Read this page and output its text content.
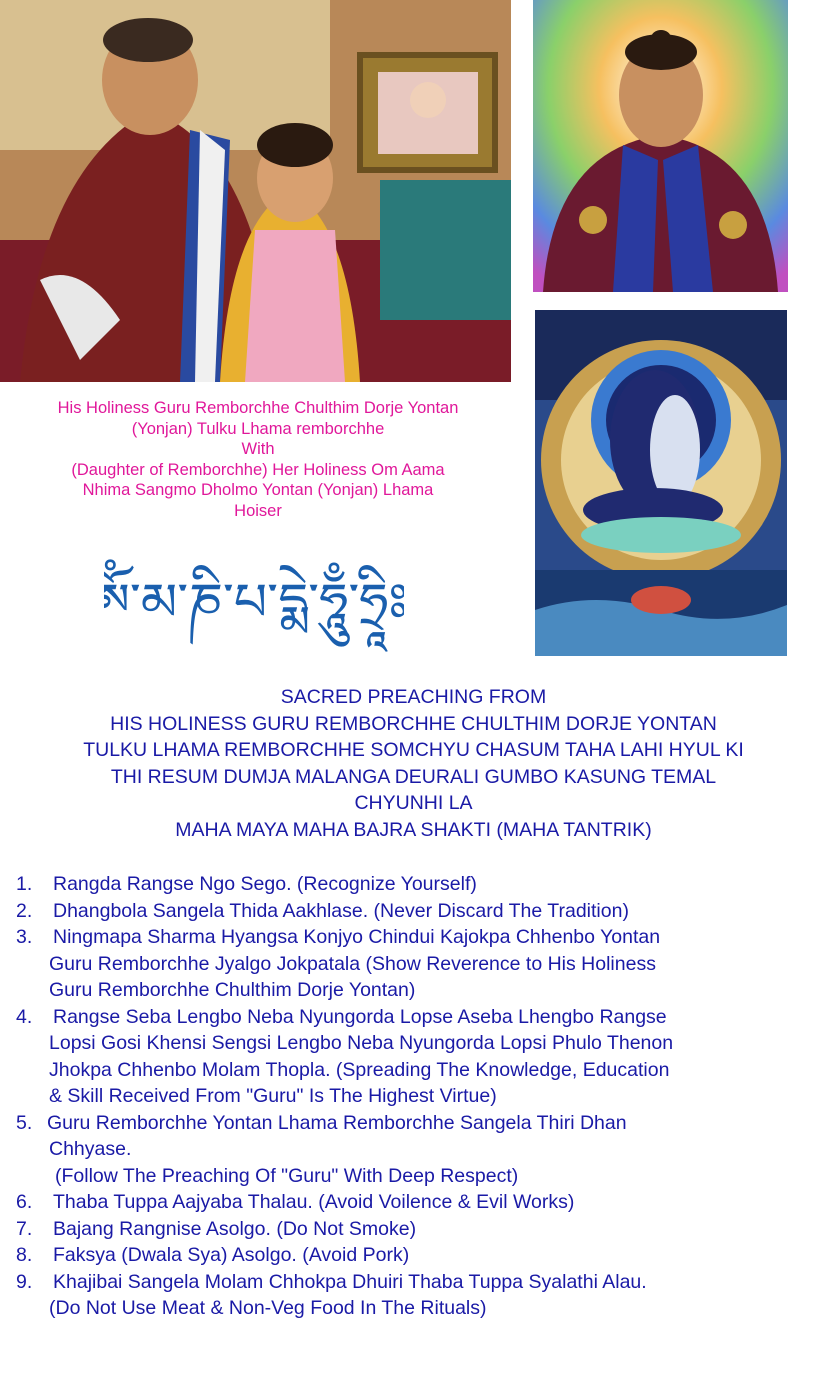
His Holiness Guru Remborchhe Chulthim Dorje Yontan
(Yonjan) Tulku Lhama remborchhe
With
(Daughter of Remborchhe) Her Holiness Om Aama
Nhima Sangmo Dholmo Yontan (Yonjan) Lhama
Hoiser
ༀ་མ་ཎི་པ་དྨེ་ཧཱུྃ་ཧྲཱིཿ།
SACRED PREACHING FROM
HIS HOLINESS GURU REMBORCHHE CHULTHIM DORJE YONTAN
TULKU LHAMA REMBORCHHE SOMCHYU CHASUM TAHA LAHI HYUL KI
THI RESUM DUMJA MALANGA DEURALI GUMBO KASUNG TEMAL
CHYUNHI LA
MAHA MAYA MAHA BAJRA SHAKTI (MAHA TANTRIK)
1. Rangda Rangse Ngo Sego. (Recognize Yourself)
2. Dhangbola Sangela Thida Aakhlase. (Never Discard The Tradition)
3. Ningmapa Sharma Hyangsa Konjyo Chindui Kajokpa Chhenbo Yontan
Guru Remborchhe Jyalgo Jokpatala (Show Reverence to His Holiness
Guru Remborchhe Chulthim Dorje Yontan)
4. Rangse Seba Lengbo Neba Nyungorda Lopse Aseba Lhengbo Rangse
Lopsi Gosi Khensi Sengsi Lengbo Neba Nyungorda Lopsi Phulo Thenon
Jhokpa Chhenbo Molam Thopla. (Spreading The Knowledge, Education
& Skill Received From "Guru" Is The Highest Virtue)
5. Guru Remborchhe Yontan Lhama Remborchhe Sangela Thiri Dhan
Chhyase.
(Follow The Preaching Of "Guru" With Deep Respect)
6. Thaba Tuppa Aajyaba Thalau. (Avoid Voilence & Evil Works)
7. Bajang Rangnise Asolgo. (Do Not Smoke)
8. Faksya (Dwala Sya) Asolgo. (Avoid Pork)
9. Khajibai Sangela Molam Chhokpa Dhuiri Thaba Tuppa Syalathi Alau.
(Do Not Use Meat & Non-Veg Food In The Rituals)
